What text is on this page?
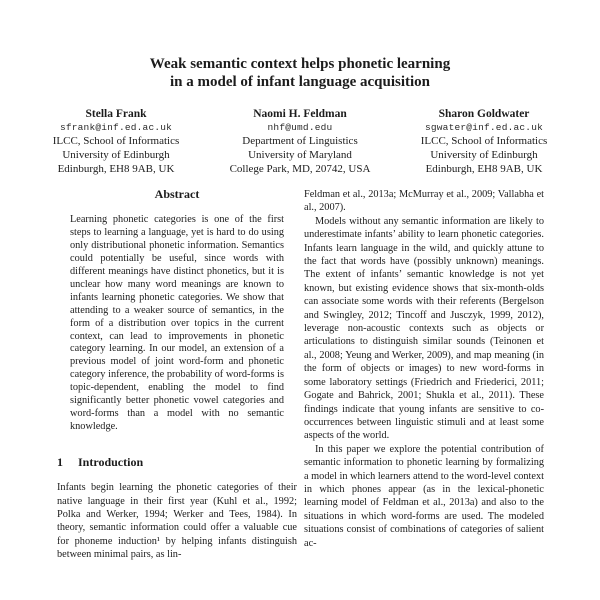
Weak semantic context helps phonetic learning
in a model of infant language acquisition
Stella Frank
sfrank@inf.ed.ac.uk
ILCC, School of Informatics
University of Edinburgh
Edinburgh, EH8 9AB, UK
Naomi H. Feldman
nhf@umd.edu
Department of Linguistics
University of Maryland
College Park, MD, 20742, USA
Sharon Goldwater
sgwater@inf.ed.ac.uk
ILCC, School of Informatics
University of Edinburgh
Edinburgh, EH8 9AB, UK
Abstract

Learning phonetic categories is one of the first steps to learning a language, yet is hard to do using only distributional phonetic information. Semantics could potentially be useful, since words with different meanings have distinct phonetics, but it is unclear how many word meanings are known to infants learning phonetic categories. We show that attending to a weaker source of semantics, in the form of a distribution over topics in the current context, can lead to improvements in phonetic category learning. In our model, an extension of a previous model of joint word-form and phonetic category inference, the probability of word-forms is topic-dependent, enabling the model to find significantly better phonetic vowel categories and word-forms than a model with no semantic knowledge.

1 Introduction

Infants begin learning the phonetic categories of their native language in their first year (Kuhl et al., 1992; Polka and Werker, 1994; Werker and Tees, 1984). In theory, semantic information could offer a valuable cue for phoneme induction¹ by helping infants distinguish between minimal pairs, as lin-

Feldman et al., 2013a; McMurray et al., 2009; Vallabha et al., 2007).

Models without any semantic information are likely to underestimate infants’ ability to learn phonetic categories. Infants learn language in the wild, and quickly attune to the fact that words have (possibly unknown) meanings. The extent of infants’ semantic knowledge is not yet known, but existing evidence shows that six-month-olds can associate some words with their referents (Bergelson and Swingley, 2012; Tincoff and Jusczyk, 1999, 2012), leverage non-acoustic contexts such as objects or articulations to distinguish similar sounds (Teinonen et al., 2008; Yeung and Werker, 2009), and map meaning (in the form of objects or images) to new word-forms in some laboratory settings (Friedrich and Friederici, 2011; Gogate and Bahrick, 2001; Shukla et al., 2011). These findings indicate that young infants are sensitive to co-occurrences between linguistic stimuli and at least some aspects of the world.

In this paper we explore the potential contribution of semantic information to phonetic learning by formalizing a model in which learners attend to the word-level context in which phones appear (as in the lexical-phonetic learning model of Feldman et al., 2013a) and also to the situations in which word-forms are used. The modeled situations consist of combinations of categories of salient ac-
